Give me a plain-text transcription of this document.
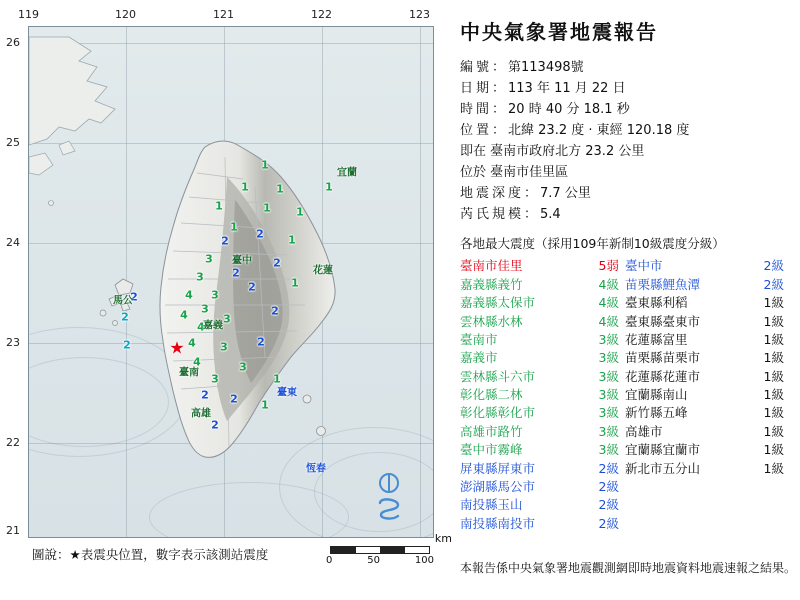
119	120	121	122	123
26
25
24
23
22
21
1
1
1 1
1	1 1
1
2
2 1
3	2
2
3
2	1
3
2	4
3
2	4
4
3
2
2	4 3	2
4	3
1
3
2
2
1
2
宜蘭
臺中
花蓮
馬公
嘉義
臺南
臺東
高雄
恆春
★
圖說：★表震央位置，數字表示該測站震度
km
0	50	100
中央氣象署地震報告
編號：第113498號
日期：113 年 11 月 22 日
時間：20 時 40 分 18.1 秒
位置：北緯 23.2 度 · 東經 120.18 度
即在 臺南市政府北方 23.2 公里
位於 臺南市佳里區
地震深度：7.7 公里
芮氏規模：5.4
各地最大震度（採用109年新制10級震度分級）
臺南市佳里	5弱
嘉義縣義竹	4級
嘉義縣太保市	4級
雲林縣水林	4級
臺南市	3級
嘉義市	3級
雲林縣斗六市	3級
彰化縣二林	3級
彰化縣彰化市	3級
高雄市路竹	3級
臺中市霧峰	3級
屏東縣屏東市	2級
澎湖縣馬公市	2級
南投縣玉山	2級
南投縣南投市	2級
臺中市	2級
苗栗縣鯉魚潭	2級
臺東縣利稻	1級
臺東縣臺東市	1級
花蓮縣富里	1級
苗栗縣苗栗市	1級
花蓮縣花蓮市	1級
宜蘭縣南山	1級
新竹縣五峰	1級
高雄市	1級
宜蘭縣宜蘭市	1級
新北市五分山	1級
本報告係中央氣象署地震觀測網即時地震資料地震速報之結果。
